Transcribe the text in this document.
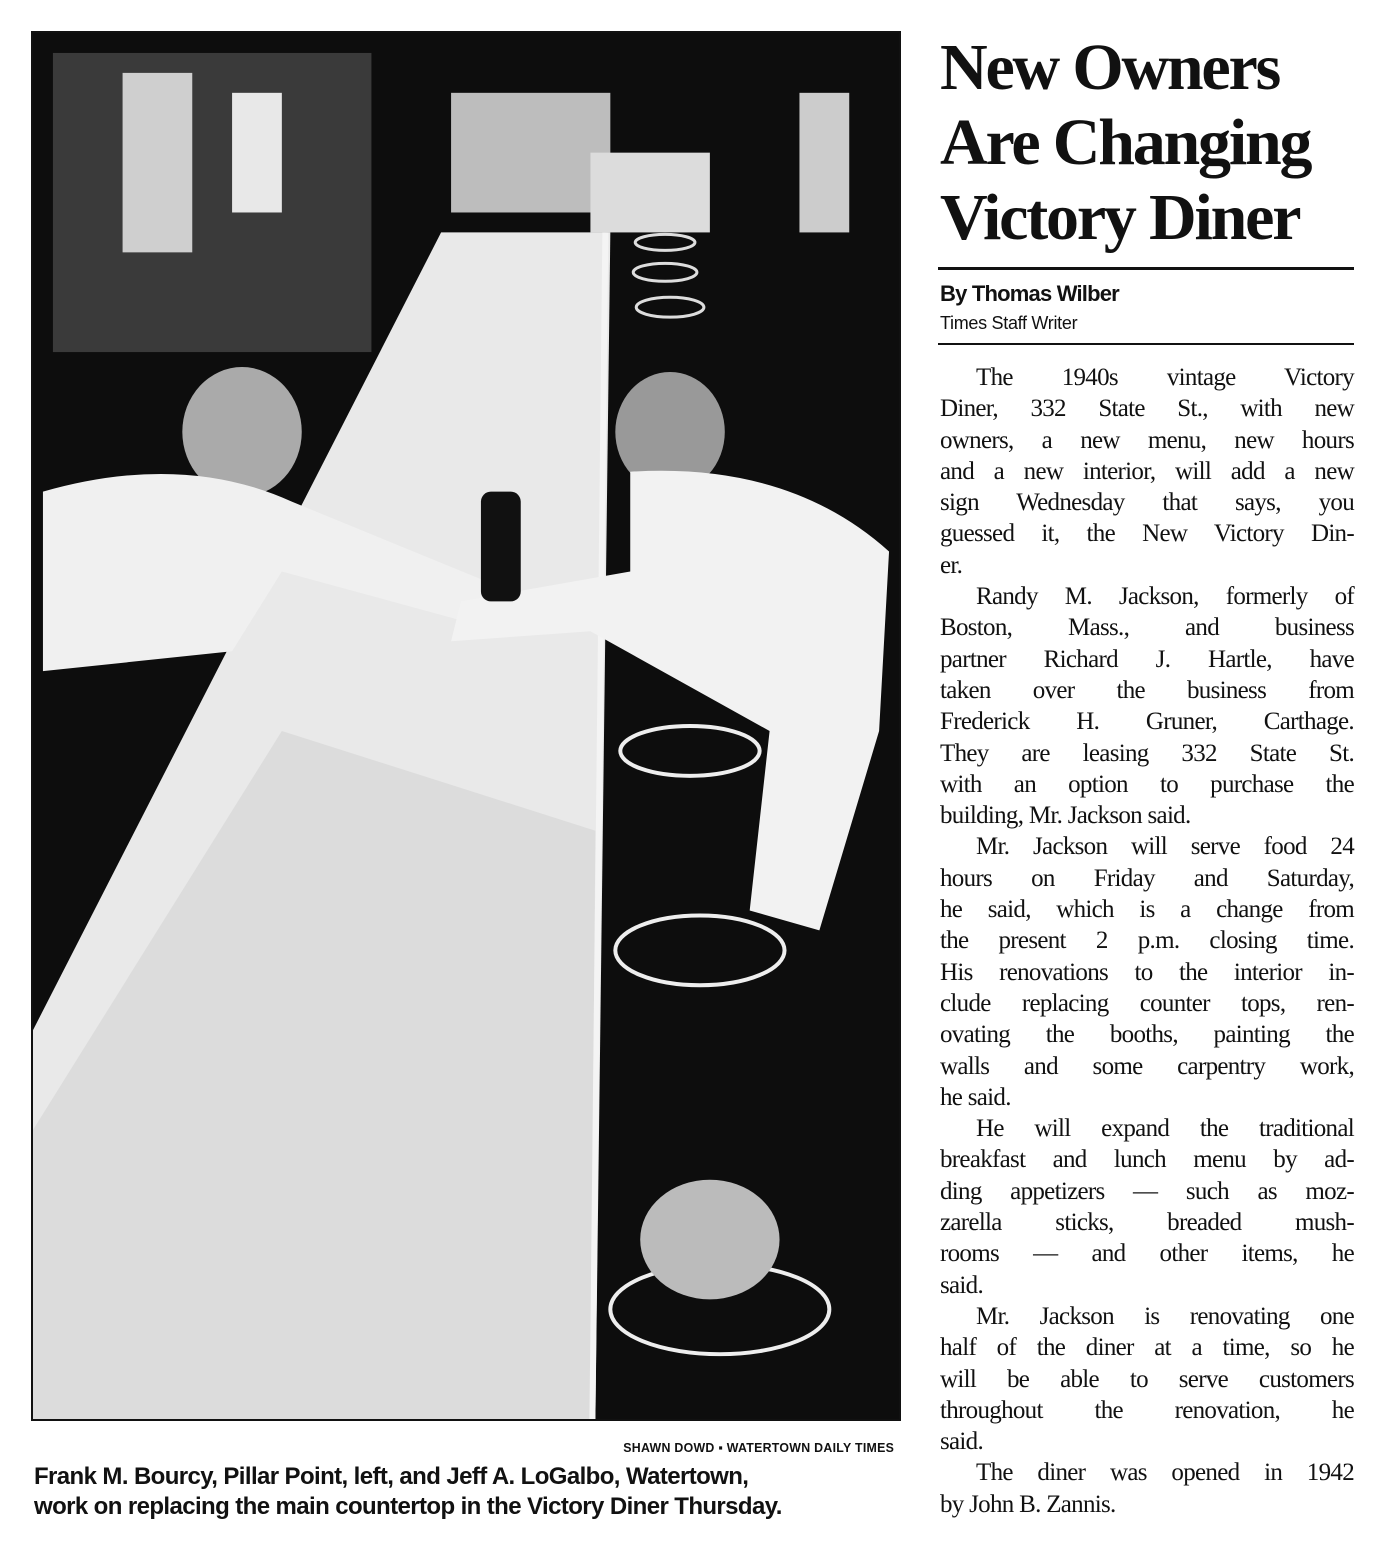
SHAWN DOWD ▪ WATERTOWN DAILY TIMES
Frank M. Bourcy, Pillar Point, left, and Jeff A. LoGalbo, Watertown,
work on replacing the main countertop in the Victory Diner Thursday.
New Owners
Are Changing
Victory Diner
By Thomas Wilber
Times Staff Writer
The 1940s vintage Victory
Diner, 332 State St., with new
owners, a new menu, new hours
and a new interior, will add a new
sign Wednesday that says, you
guessed it, the New Victory Din-
er.
Randy M. Jackson, formerly of
Boston, Mass., and business
partner Richard J. Hartle, have
taken over the business from
Frederick H. Gruner, Carthage.
They are leasing 332 State St.
with an option to purchase the
building, Mr. Jackson said.
Mr. Jackson will serve food 24
hours on Friday and Saturday,
he said, which is a change from
the present 2 p.m. closing time.
His renovations to the interior in-
clude replacing counter tops, ren-
ovating the booths, painting the
walls and some carpentry work,
he said.
He will expand the traditional
breakfast and lunch menu by ad-
ding appetizers — such as moz-
zarella sticks, breaded mush-
rooms — and other items, he
said.
Mr. Jackson is renovating one
half of the diner at a time, so he
will be able to serve customers
throughout the renovation, he
said.
The diner was opened in 1942
by John B. Zannis.
